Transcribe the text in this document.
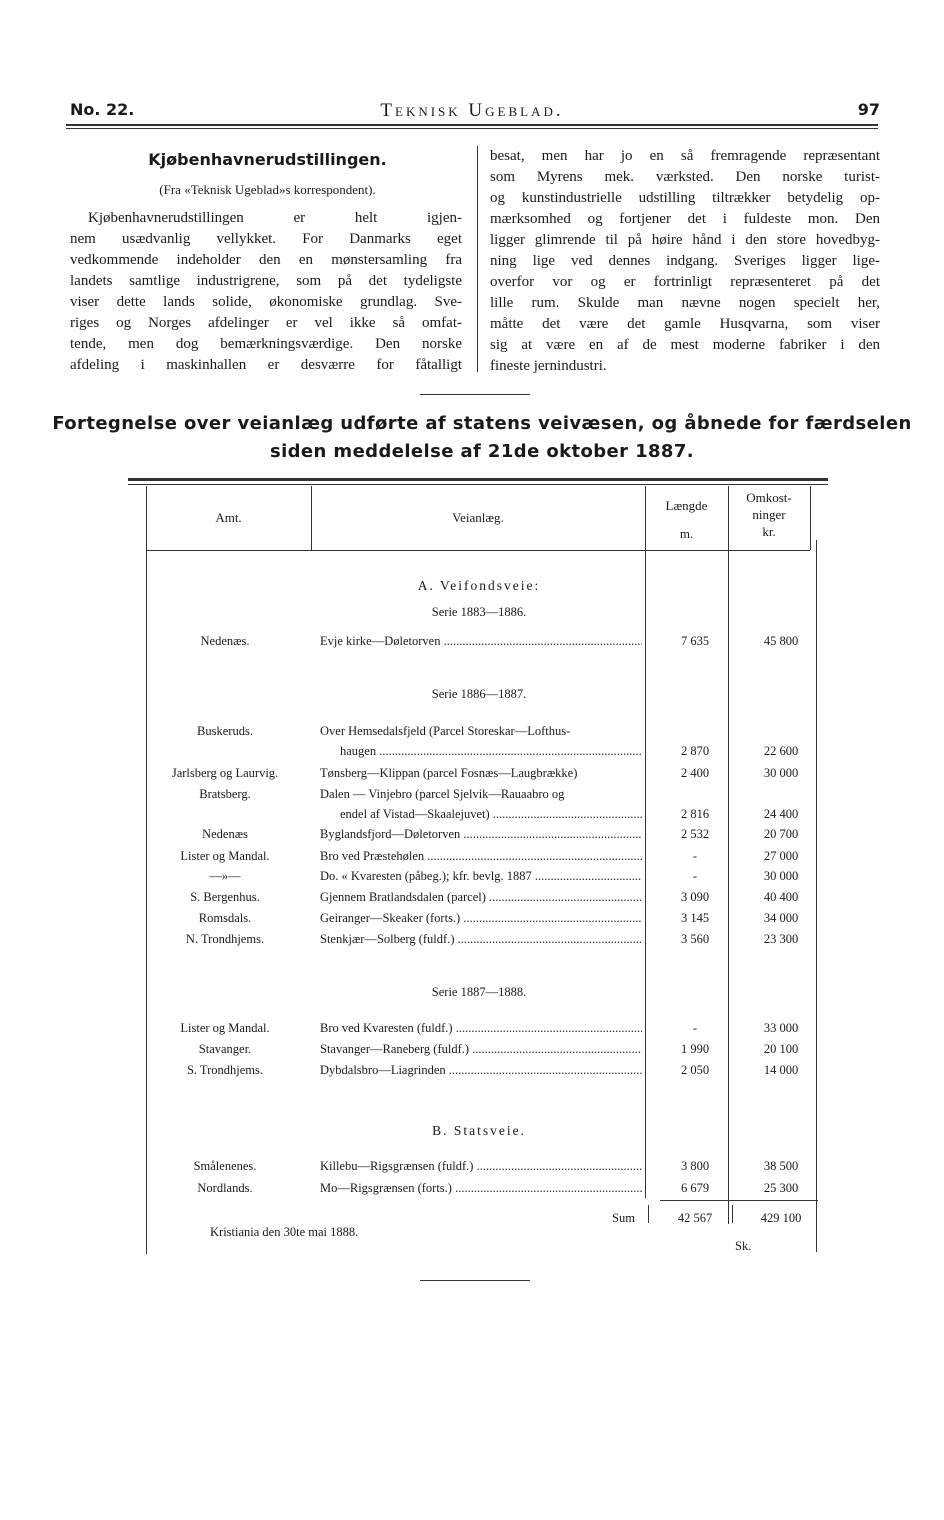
No. 22.	Teknisk Ugeblad.	97
Kjøbenhavnerudstillingen.
(Fra «Teknisk Ugeblad»s korrespondent).
Kjøbenhavnerudstillingen er helt igjen-
nem usædvanlig vellykket. For Danmarks eget
vedkommende indeholder den en mønstersamling fra
landets samtlige industrigrene, som på det tydeligste
viser dette lands solide, økonomiske grundlag. Sve-
riges og Norges afdelinger er vel ikke så omfat-
tende, men dog bemærkningsværdige. Den norske
afdeling i maskinhallen er desværre for fåtalligt
besat, men har jo en så fremragende repræsentant
som Myrens mek. værksted. Den norske turist-
og kunstindustrielle udstilling tiltrækker betydelig op-
mærksomhed og fortjener det i fuldeste mon. Den
ligger glimrende til på høire hånd i den store hovedbyg-
ning lige ved dennes indgang. Sveriges ligger lige-
overfor vor og er fortrinligt repræsenteret på det
lille rum. Skulde man nævne nogen specielt her,
måtte det være det gamle Husqvarna, som viser
sig at være en af de mest moderne fabriker i den
fineste jernindustri.
Fortegnelse over veianlæg udførte af statens veivæsen, og åbnede for færdselen
siden meddelelse af 21de oktober 1887.
Amt.	Veianlæg.
Længde
m.
Omkost-
ninger
kr.
A. Veifondsveie:
Serie 1883—1886.
Serie 1886—1887.
Serie 1887—1888.
B. Statsveie.
Nedenæs.	Evje kirke—Døletorven .....	7 635	45 800
Buskeruds.	Over Hemsedalsfjeld (Parcel Storeskar—Lofthus-
haugen .....	2 870	22 600
Jarlsberg og Laurvig.	Tønsberg—Klippan (parcel Fosnæs—Laugbrække)	2 400	30 000
Bratsberg.	Dalen — Vinjebro (parcel Sjelvik—Rauaabro og
endel af Vistad—Skaalejuvet) .....	2 816	24 400
Nedenæs	Byglandsfjord—Døletorven .....	2 532	20 700
Lister og Mandal.	Bro ved Præstehølen .....	-	27 000
—»—	Do. « Kvaresten (påbeg.); kfr. bevlg. 1887 .....	-	30 000
S. Bergenhus.	Gjennem Bratlandsdalen (parcel) .....	3 090	40 400
Romsdals.	Geiranger—Skeaker (forts.) .....	3 145	34 000
N. Trondhjems.	Stenkjær—Solberg (fuldf.) .....	3 560	23 300
Lister og Mandal.	Bro ved Kvaresten (fuldf.) .....	-	33 000
Stavanger.	Stavanger—Raneberg (fuldf.) .....	1 990	20 100
S. Trondhjems.	Dybdalsbro—Liagrinden .....	2 050	14 000
Smålenenes.	Killebu—Rigsgrænsen (fuldf.) .....	3 800	38 500
Nordlands.	Mo—Rigsgrænsen (forts.) .....	6 679	25 300
Sum	42 567	429 100
Kristiania den 30te mai 1888.
Sk.
